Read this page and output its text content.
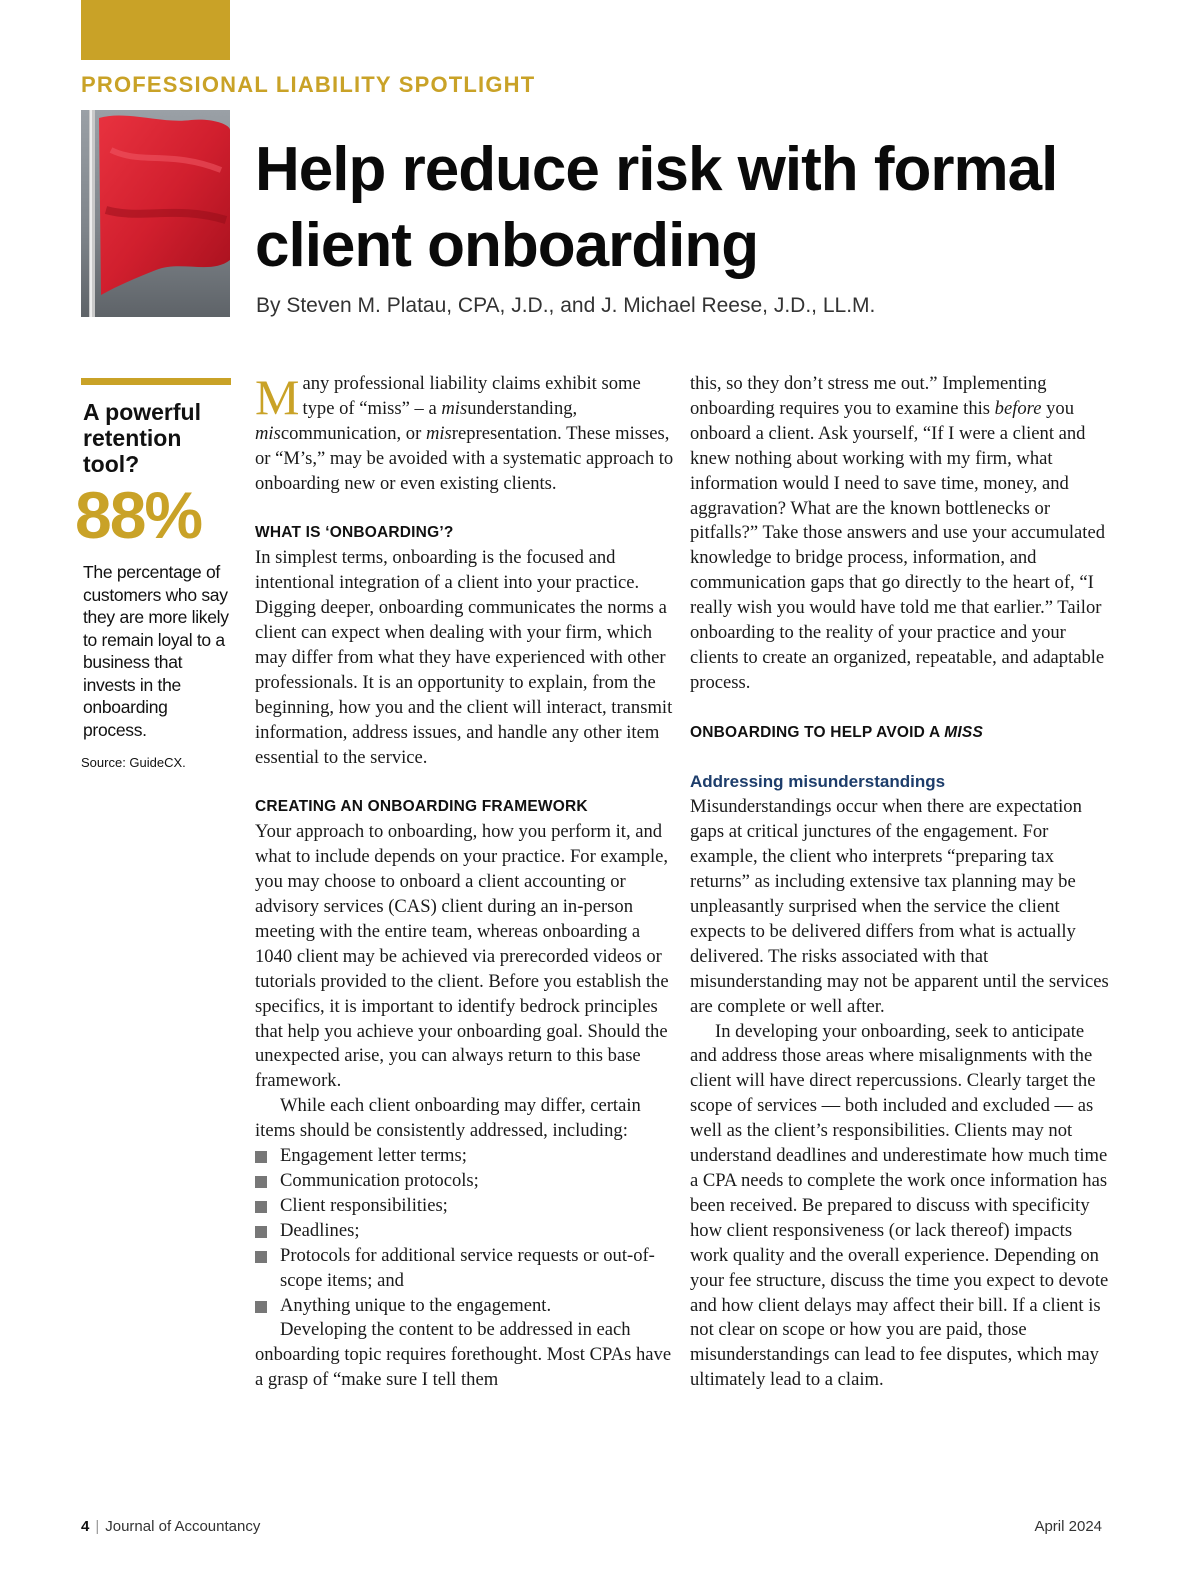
PROFESSIONAL LIABILITY SPOTLIGHT
Help reduce risk with formal client onboarding
By Steven M. Platau, CPA, J.D., and J. Michael Reese, J.D., LL.M.
A powerful retention tool?
88%
The percentage of customers who say they are more likely to remain loyal to a business that invests in the onboarding process.
Source: GuideCX.

Many professional liability claims exhibit some type of “miss” – a misunderstanding, miscommunication, or misrepresentation. These misses, or “M’s,” may be avoided with a systematic approach to onboarding new or even existing clients.

WHAT IS ‘ONBOARDING’?

In simplest terms, onboarding is the focused and intentional integration of a client into your practice. Digging deeper, onboarding communicates the norms a client can expect when dealing with your firm, which may differ from what they have experienced with other professionals. It is an opportunity to explain, from the beginning, how you and the client will interact, transmit information, address issues, and handle any other item essential to the service.

CREATING AN ONBOARDING FRAMEWORK

Your approach to onboarding, how you perform it, and what to include depends on your practice. For example, you may choose to onboard a client accounting or advisory services (CAS) client during an in-person meeting with the entire team, whereas onboarding a 1040 client may be achieved via prerecorded videos or tutorials provided to the client. Before you establish the specifics, it is important to identify bedrock principles that help you achieve your onboarding goal. Should the unexpected arise, you can always return to this base framework.

While each client onboarding may differ, certain items should be consistently addressed, including:

Engagement letter terms;
Communication protocols;
Client responsibilities;
Deadlines;
Protocols for additional service requests or out-of-scope items; and
Anything unique to the engagement.

Developing the content to be addressed in each onboarding topic requires forethought. Most CPAs have a grasp of “make sure I tell them

this, so they don’t stress me out.” Implementing onboarding requires you to examine this before you onboard a client. Ask yourself, “If I were a client and knew nothing about working with my firm, what information would I need to save time, money, and aggravation? What are the known bottlenecks or pitfalls?” Take those answers and use your accumulated knowledge to bridge process, information, and communication gaps that go directly to the heart of, “I really wish you would have told me that earlier.” Tailor onboarding to the reality of your practice and your clients to create an organized, repeatable, and adaptable process.

ONBOARDING TO HELP AVOID A MISS

Addressing misunderstandings

Misunderstandings occur when there are expectation gaps at critical junctures of the engagement. For example, the client who interprets “preparing tax returns” as including extensive tax planning may be unpleasantly surprised when the service the client expects to be delivered differs from what is actually delivered. The risks associated with that misunderstanding may not be apparent until the services are complete or well after.

In developing your onboarding, seek to anticipate and address those areas where misalignments with the client will have direct repercussions. Clearly target the scope of services — both included and excluded — as well as the client’s responsibilities. Clients may not understand deadlines and underestimate how much time a CPA needs to complete the work once information has been received. Be prepared to discuss with specificity how client responsiveness (or lack thereof) impacts work quality and the overall experience. Depending on your fee structure, discuss the time you expect to devote and how client delays may affect their bill. If a client is not clear on scope or how you are paid, those misunderstandings can lead to fee disputes, which may ultimately lead to a claim.

4 | Journal of Accountancy	April 2024
